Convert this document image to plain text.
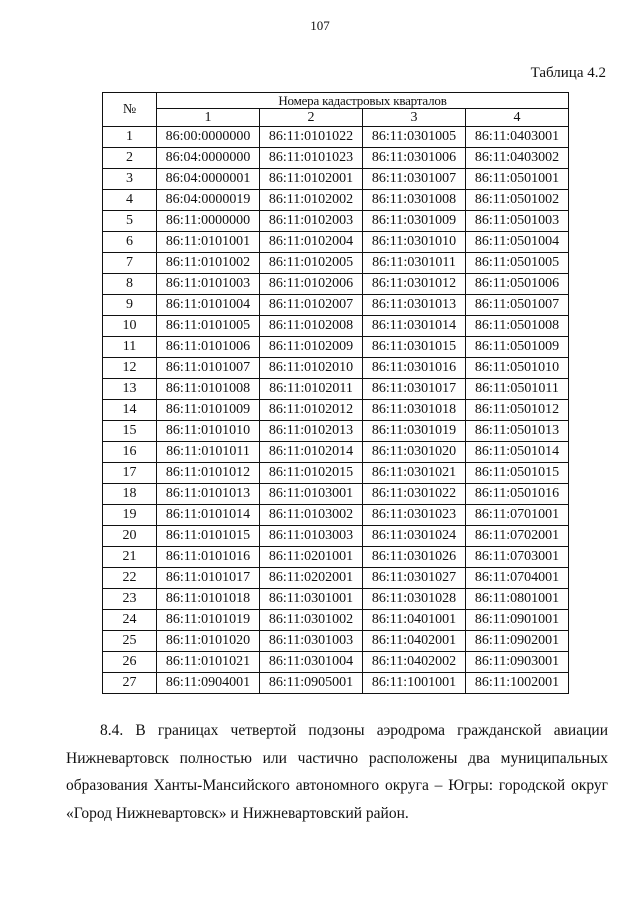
107
Таблица 4.2
№	Номера кадастровых кварталов			
	1	2	3	4
1	86:00:0000000	86:11:0101022	86:11:0301005	86:11:0403001
2	86:04:0000000	86:11:0101023	86:11:0301006	86:11:0403002
3	86:04:0000001	86:11:0102001	86:11:0301007	86:11:0501001
4	86:04:0000019	86:11:0102002	86:11:0301008	86:11:0501002
5	86:11:0000000	86:11:0102003	86:11:0301009	86:11:0501003
6	86:11:0101001	86:11:0102004	86:11:0301010	86:11:0501004
7	86:11:0101002	86:11:0102005	86:11:0301011	86:11:0501005
8	86:11:0101003	86:11:0102006	86:11:0301012	86:11:0501006
9	86:11:0101004	86:11:0102007	86:11:0301013	86:11:0501007
10	86:11:0101005	86:11:0102008	86:11:0301014	86:11:0501008
11	86:11:0101006	86:11:0102009	86:11:0301015	86:11:0501009
12	86:11:0101007	86:11:0102010	86:11:0301016	86:11:0501010
13	86:11:0101008	86:11:0102011	86:11:0301017	86:11:0501011
14	86:11:0101009	86:11:0102012	86:11:0301018	86:11:0501012
15	86:11:0101010	86:11:0102013	86:11:0301019	86:11:0501013
16	86:11:0101011	86:11:0102014	86:11:0301020	86:11:0501014
17	86:11:0101012	86:11:0102015	86:11:0301021	86:11:0501015
18	86:11:0101013	86:11:0103001	86:11:0301022	86:11:0501016
19	86:11:0101014	86:11:0103002	86:11:0301023	86:11:0701001
20	86:11:0101015	86:11:0103003	86:11:0301024	86:11:0702001
21	86:11:0101016	86:11:0201001	86:11:0301026	86:11:0703001
22	86:11:0101017	86:11:0202001	86:11:0301027	86:11:0704001
23	86:11:0101018	86:11:0301001	86:11:0301028	86:11:0801001
24	86:11:0101019	86:11:0301002	86:11:0401001	86:11:0901001
25	86:11:0101020	86:11:0301003	86:11:0402001	86:11:0902001
26	86:11:0101021	86:11:0301004	86:11:0402002	86:11:0903001
27	86:11:0904001	86:11:0905001	86:11:1001001	86:11:1002001

8.4. В границах четвертой подзоны аэродрома гражданской авиации Нижневартовск полностью или частично расположены два муниципальных образования Ханты-Мансийского автономного округа – Югры: городской округ «Город Нижневартовск» и Нижневартовский район.
